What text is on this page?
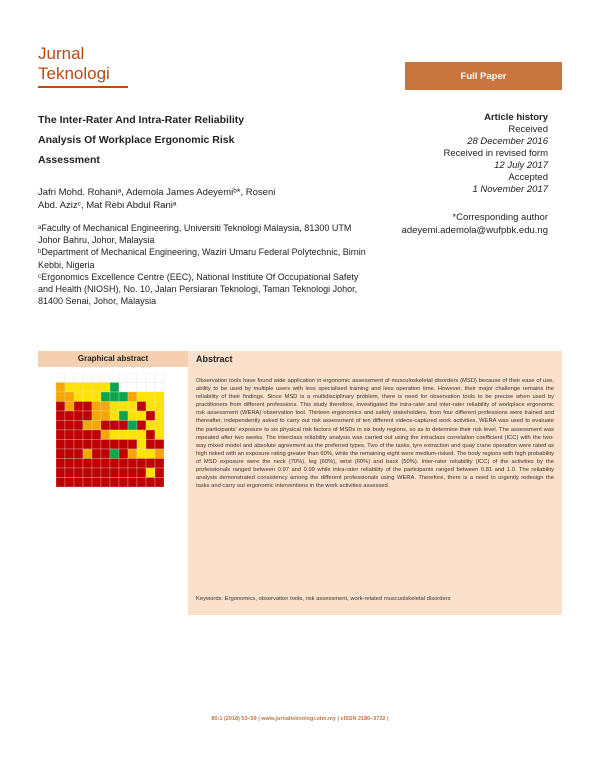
Jurnal
Teknologi	Full Paper
The Inter-Rater And Intra-Rater Reliability
Analysis Of Workplace Ergonomic Risk
Assessment
Article history
Received
28 December 2016
Received in revised form
12 July 2017
Accepted
1 November 2017
Jafri Mohd. Rohaniᵃ, Ademola James Adeyemiᵇ*, Roseni
Abd. Azizᶜ, Mat Rebi Abdul Raniᵃ

ᵃFaculty of Mechanical Engineering, Universiti Teknologi Malaysia, 81300 UTM Johor Bahru, Johor, Malaysia

ᵇDepartment of Mechanical Engineering, Waziri Umaru Federal Polytechnic, Birnin Kebbi, Nigeria

ᶜErgonomics Excellence Centre (EEC), National Institute Of Occupational Safety and Health (NIOSH), No. 10, Jalan Persiaran Teknologi, Taman Teknologi Johor, 81400 Senai, Johor, Malaysia

*Corresponding author
adeyemi.ademola@wufpbk.edu.ng
Graphical abstract	Abstract
Observation tools have found wide application in ergonomic assessment of musculoskeletal disorders (MSD) because of their ease of use, ability to be used by multiple users with less specialised training and less operation time. However, their major challenge remains the reliability of their findings. Since MSD is a multidisciplinary problem, there is need for observation tools to be precise when used by practitioners from different professions. This study therefore, investigated the intra-rater and inter-rater reliability of workplace ergonomic risk assessment (WERA) observation tool. Thirteen ergonomics and safety stakeholders, from four different professions were trained and thereafter, independently asked to carry out risk assessment of ten different videos-captured work activities. WERA was used to evaluate the participants' exposure to six physical risk factors of MSDs in six body regions, so as to determine their risk level. The assessment was repeated after two weeks. The interclass reliability analysis was carried out using the intraclass correlation coefficient (ICC) with the two-way mixed model and absolute agreement as the preferred types. Two of the tasks, tyre extraction and quay crane operation were rated as high risked with an exposure rating greater than 60%, while the remaining eight were medium-risked. The body regions with high probability of MSD exposure were the neck (70%), leg (60%), wrist (60%) and back (50%). Inter-rater reliability (ICC) of the activities by the professionals ranged between 0.97 and 0.99 while intra-rater reliability of the participants ranged between 0.81 and 1.0. The reliability analysis demonstrated consistency among the different professionals using WERA. Therefore, there is a need to urgently redesign the tasks and carry out ergonomic interventions in the work activities assessed.
Keywords: Ergonomics, observation tools, risk assessment, work-related muscuolskeletal disorders
80:1 (2018) 53–59 | www.jurnalteknologi.utm.my | eISSN 2180–3722 |
